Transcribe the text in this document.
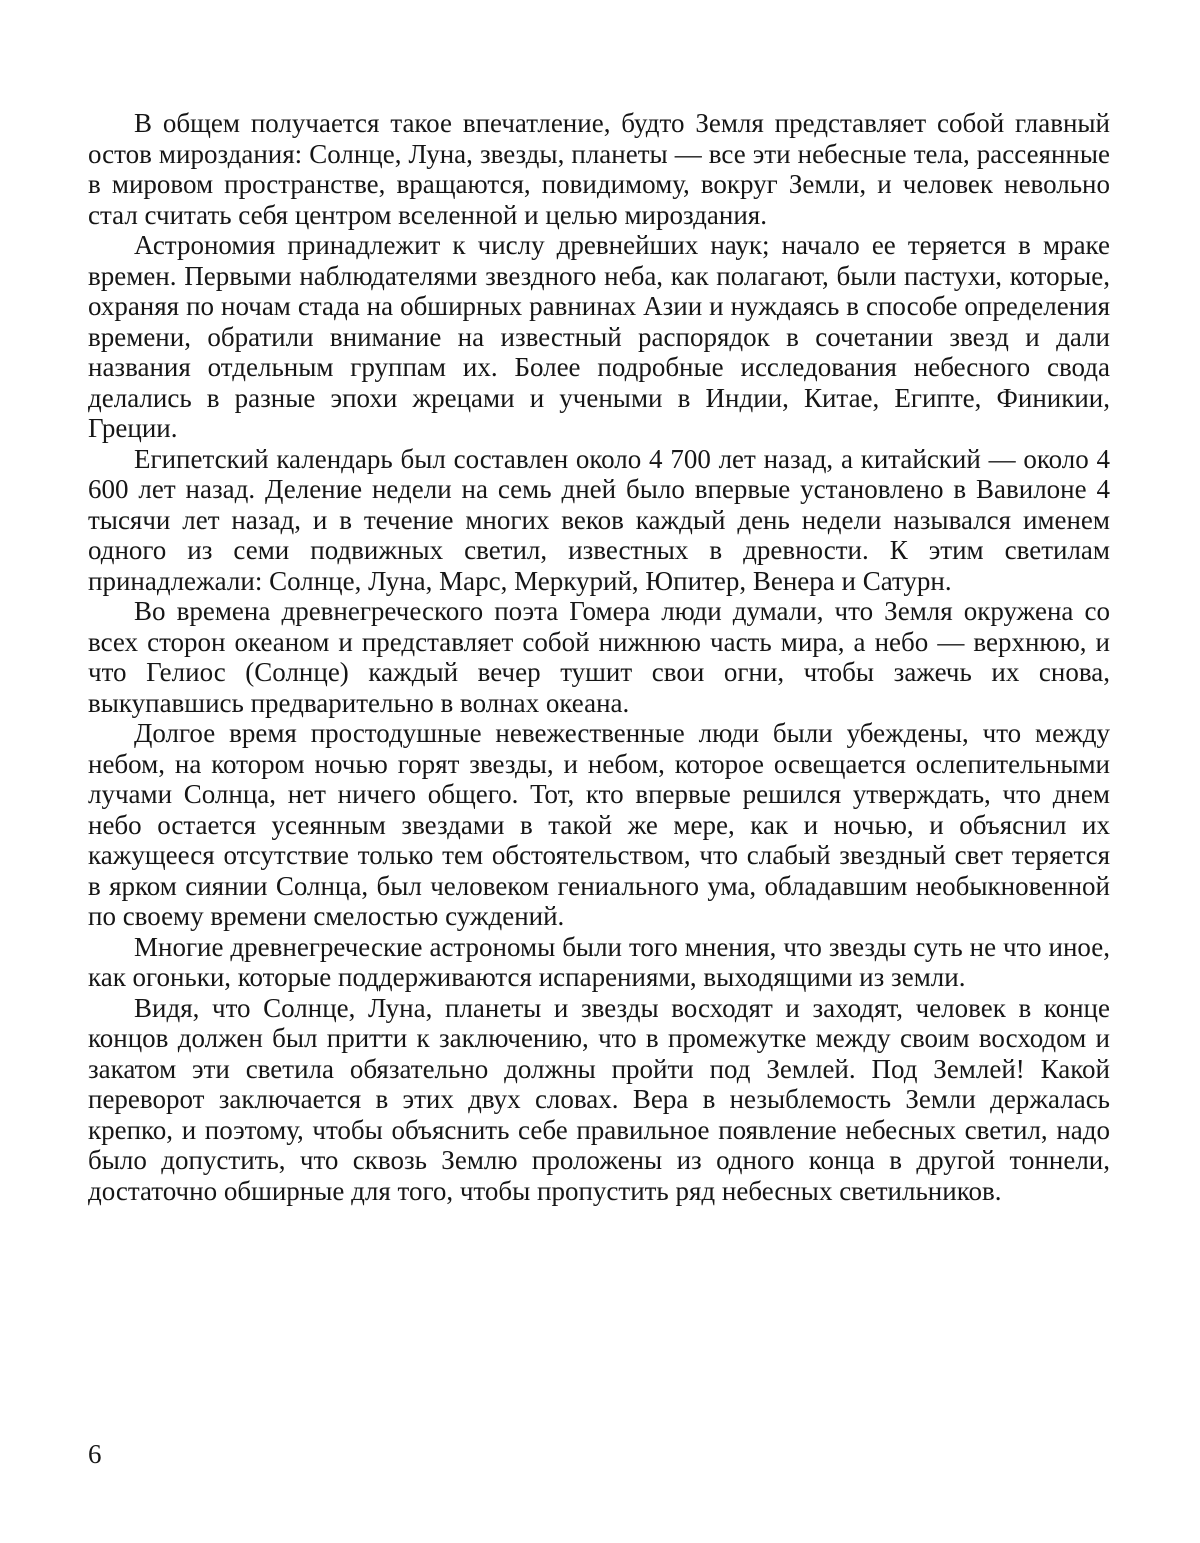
В общем получается такое впечатление, будто Земля представляет собой главный остов мироздания: Солнце, Луна, звезды, планеты — все эти небесные тела, рассеянные в мировом пространстве, вращаются, повидимому, вокруг Земли, и человек невольно стал считать себя центром вселенной и целью мироздания.

Астрономия принадлежит к числу древнейших наук; начало ее теряется в мраке времен. Первыми наблюдателями звездного неба, как полагают, были пастухи, которые, охраняя по ночам стада на обширных равнинах Азии и нуждаясь в способе определения времени, обратили внимание на известный распорядок в сочетании звезд и дали названия отдельным группам их. Более подробные исследования небесного свода делались в разные эпохи жрецами и учеными в Индии, Китае, Египте, Финикии, Греции.

Египетский календарь был составлен около 4 700 лет назад, а китайский — около 4 600 лет назад. Деление недели на семь дней было впервые установлено в Вавилоне 4 тысячи лет назад, и в течение многих веков каждый день недели назывался именем одного из семи подвижных светил, известных в древности. К этим светилам принадлежали: Солнце, Луна, Марс, Меркурий, Юпитер, Венера и Сатурн.

Во времена древнегреческого поэта Гомера люди думали, что Земля окружена со всех сторон океаном и представляет собой нижнюю часть мира, а небо — верхнюю, и что Гелиос (Солнце) каждый вечер тушит свои огни, чтобы зажечь их снова, выкупавшись предварительно в волнах океана.

Долгое время простодушные невежественные люди были убеждены, что между небом, на котором ночью горят звезды, и небом, которое освещается ослепительными лучами Солнца, нет ничего общего. Тот, кто впервые решился утверждать, что днем небо остается усеянным звездами в такой же мере, как и ночью, и объяснил их кажущееся отсутствие только тем обстоятельством, что слабый звездный свет теряется в ярком сиянии Солнца, был человеком гениального ума, обладавшим необыкновенной по своему времени смелостью суждений.

Многие древнегреческие астрономы были того мнения, что звезды суть не что иное, как огоньки, которые поддерживаются испарениями, выходящими из земли.

Видя, что Солнце, Луна, планеты и звезды восходят и заходят, человек в конце концов должен был притти к заключению, что в промежутке между своим восходом и закатом эти светила обязательно должны пройти под Землей. Под Землей! Какой переворот заключается в этих двух словах. Вера в незыблемость Земли держалась крепко, и поэтому, чтобы объяснить себе правильное появление небесных светил, надо было допустить, что сквозь Землю проложены из одного конца в другой тоннели, достаточно обширные для того, чтобы пропустить ряд небесных светильников.

6
